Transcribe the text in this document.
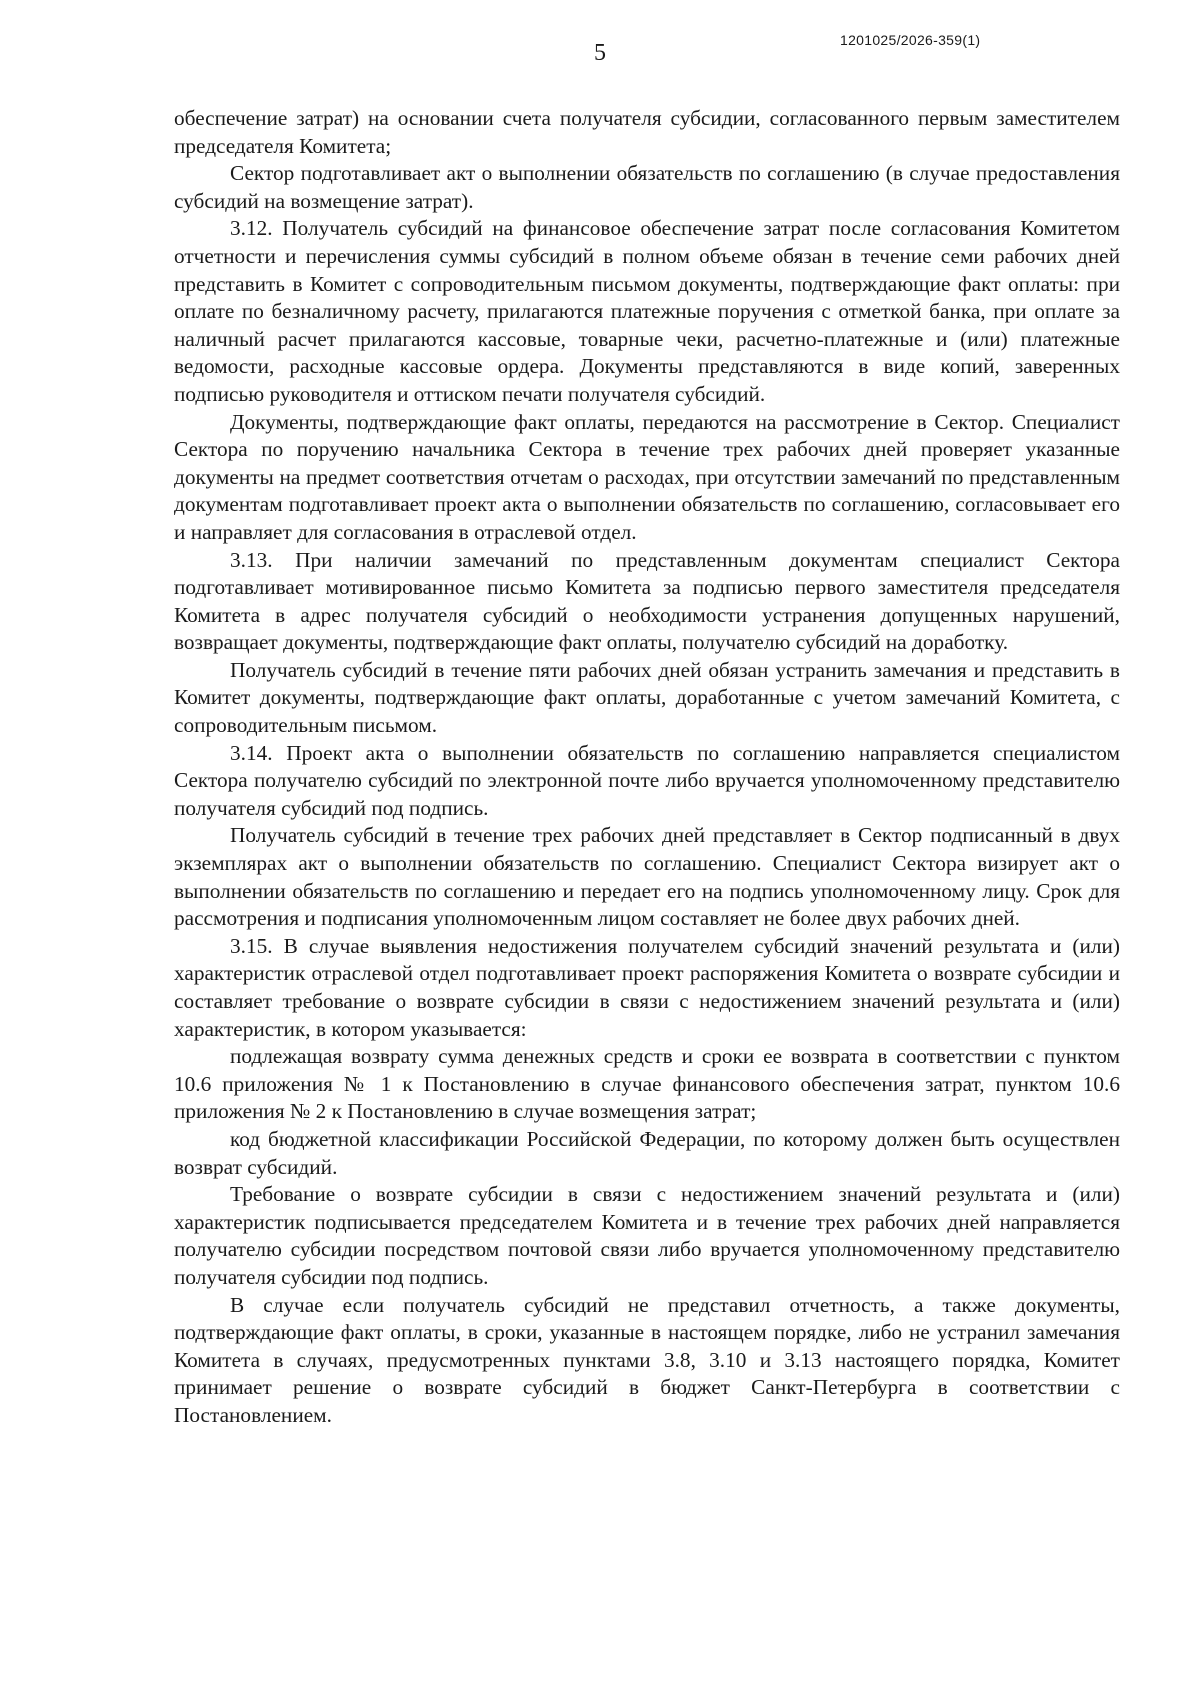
5	1201025/2026-359(1)

обеспечение затрат) на основании счета получателя субсидии, согласованного первым заместителем председателя Комитета;

Сектор подготавливает акт о выполнении обязательств по соглашению (в случае предоставления субсидий на возмещение затрат).

3.12. Получатель субсидий на финансовое обеспечение затрат после согласования Комитетом отчетности и перечисления суммы субсидий в полном объеме обязан в течение семи рабочих дней представить в Комитет с сопроводительным письмом документы, подтверждающие факт оплаты: при оплате по безналичному расчету, прилагаются платежные поручения с отметкой банка, при оплате за наличный расчет прилагаются кассовые, товарные чеки, расчетно-платежные и (или) платежные ведомости, расходные кассовые ордера. Документы представляются в виде копий, заверенных подписью руководителя и оттиском печати получателя субсидий.

Документы, подтверждающие факт оплаты, передаются на рассмотрение в Сектор. Специалист Сектора по поручению начальника Сектора в течение трех рабочих дней проверяет указанные документы на предмет соответствия отчетам о расходах, при отсутствии замечаний по представленным документам подготавливает проект акта о выполнении обязательств по соглашению, согласовывает его и направляет для согласования в отраслевой отдел.

3.13. При наличии замечаний по представленным документам специалист Сектора подготавливает мотивированное письмо Комитета за подписью первого заместителя председателя Комитета в адрес получателя субсидий о необходимости устранения допущенных нарушений, возвращает документы, подтверждающие факт оплаты, получателю субсидий на доработку.

Получатель субсидий в течение пяти рабочих дней обязан устранить замечания и представить в Комитет документы, подтверждающие факт оплаты, доработанные с учетом замечаний Комитета, с сопроводительным письмом.

3.14. Проект акта о выполнении обязательств по соглашению направляется специалистом Сектора получателю субсидий по электронной почте либо вручается уполномоченному представителю получателя субсидий под подпись.

Получатель субсидий в течение трех рабочих дней представляет в Сектор подписанный в двух экземплярах акт о выполнении обязательств по соглашению. Специалист Сектора визирует акт о выполнении обязательств по соглашению и передает его на подпись уполномоченному лицу. Срок для рассмотрения и подписания уполномоченным лицом составляет не более двух рабочих дней.

3.15. В случае выявления недостижения получателем субсидий значений результата и (или) характеристик отраслевой отдел подготавливает проект распоряжения Комитета о возврате субсидии и составляет требование о возврате субсидии в связи с недостижением значений результата и (или) характеристик, в котором указывается:

подлежащая возврату сумма денежных средств и сроки ее возврата в соответствии с пунктом 10.6 приложения № 1 к Постановлению в случае финансового обеспечения затрат, пунктом 10.6 приложения № 2 к Постановлению в случае возмещения затрат;

код бюджетной классификации Российской Федерации, по которому должен быть осуществлен возврат субсидий.

Требование о возврате субсидии в связи с недостижением значений результата и (или) характеристик подписывается председателем Комитета и в течение трех рабочих дней направляется получателю субсидии посредством почтовой связи либо вручается уполномоченному представителю получателя субсидии под подпись.

В случае если получатель субсидий не представил отчетность, а также документы, подтверждающие факт оплаты, в сроки, указанные в настоящем порядке, либо не устранил замечания Комитета в случаях, предусмотренных пунктами 3.8, 3.10 и 3.13 настоящего порядка, Комитет принимает решение о возврате субсидий в бюджет Санкт-Петербурга в соответствии с Постановлением.
